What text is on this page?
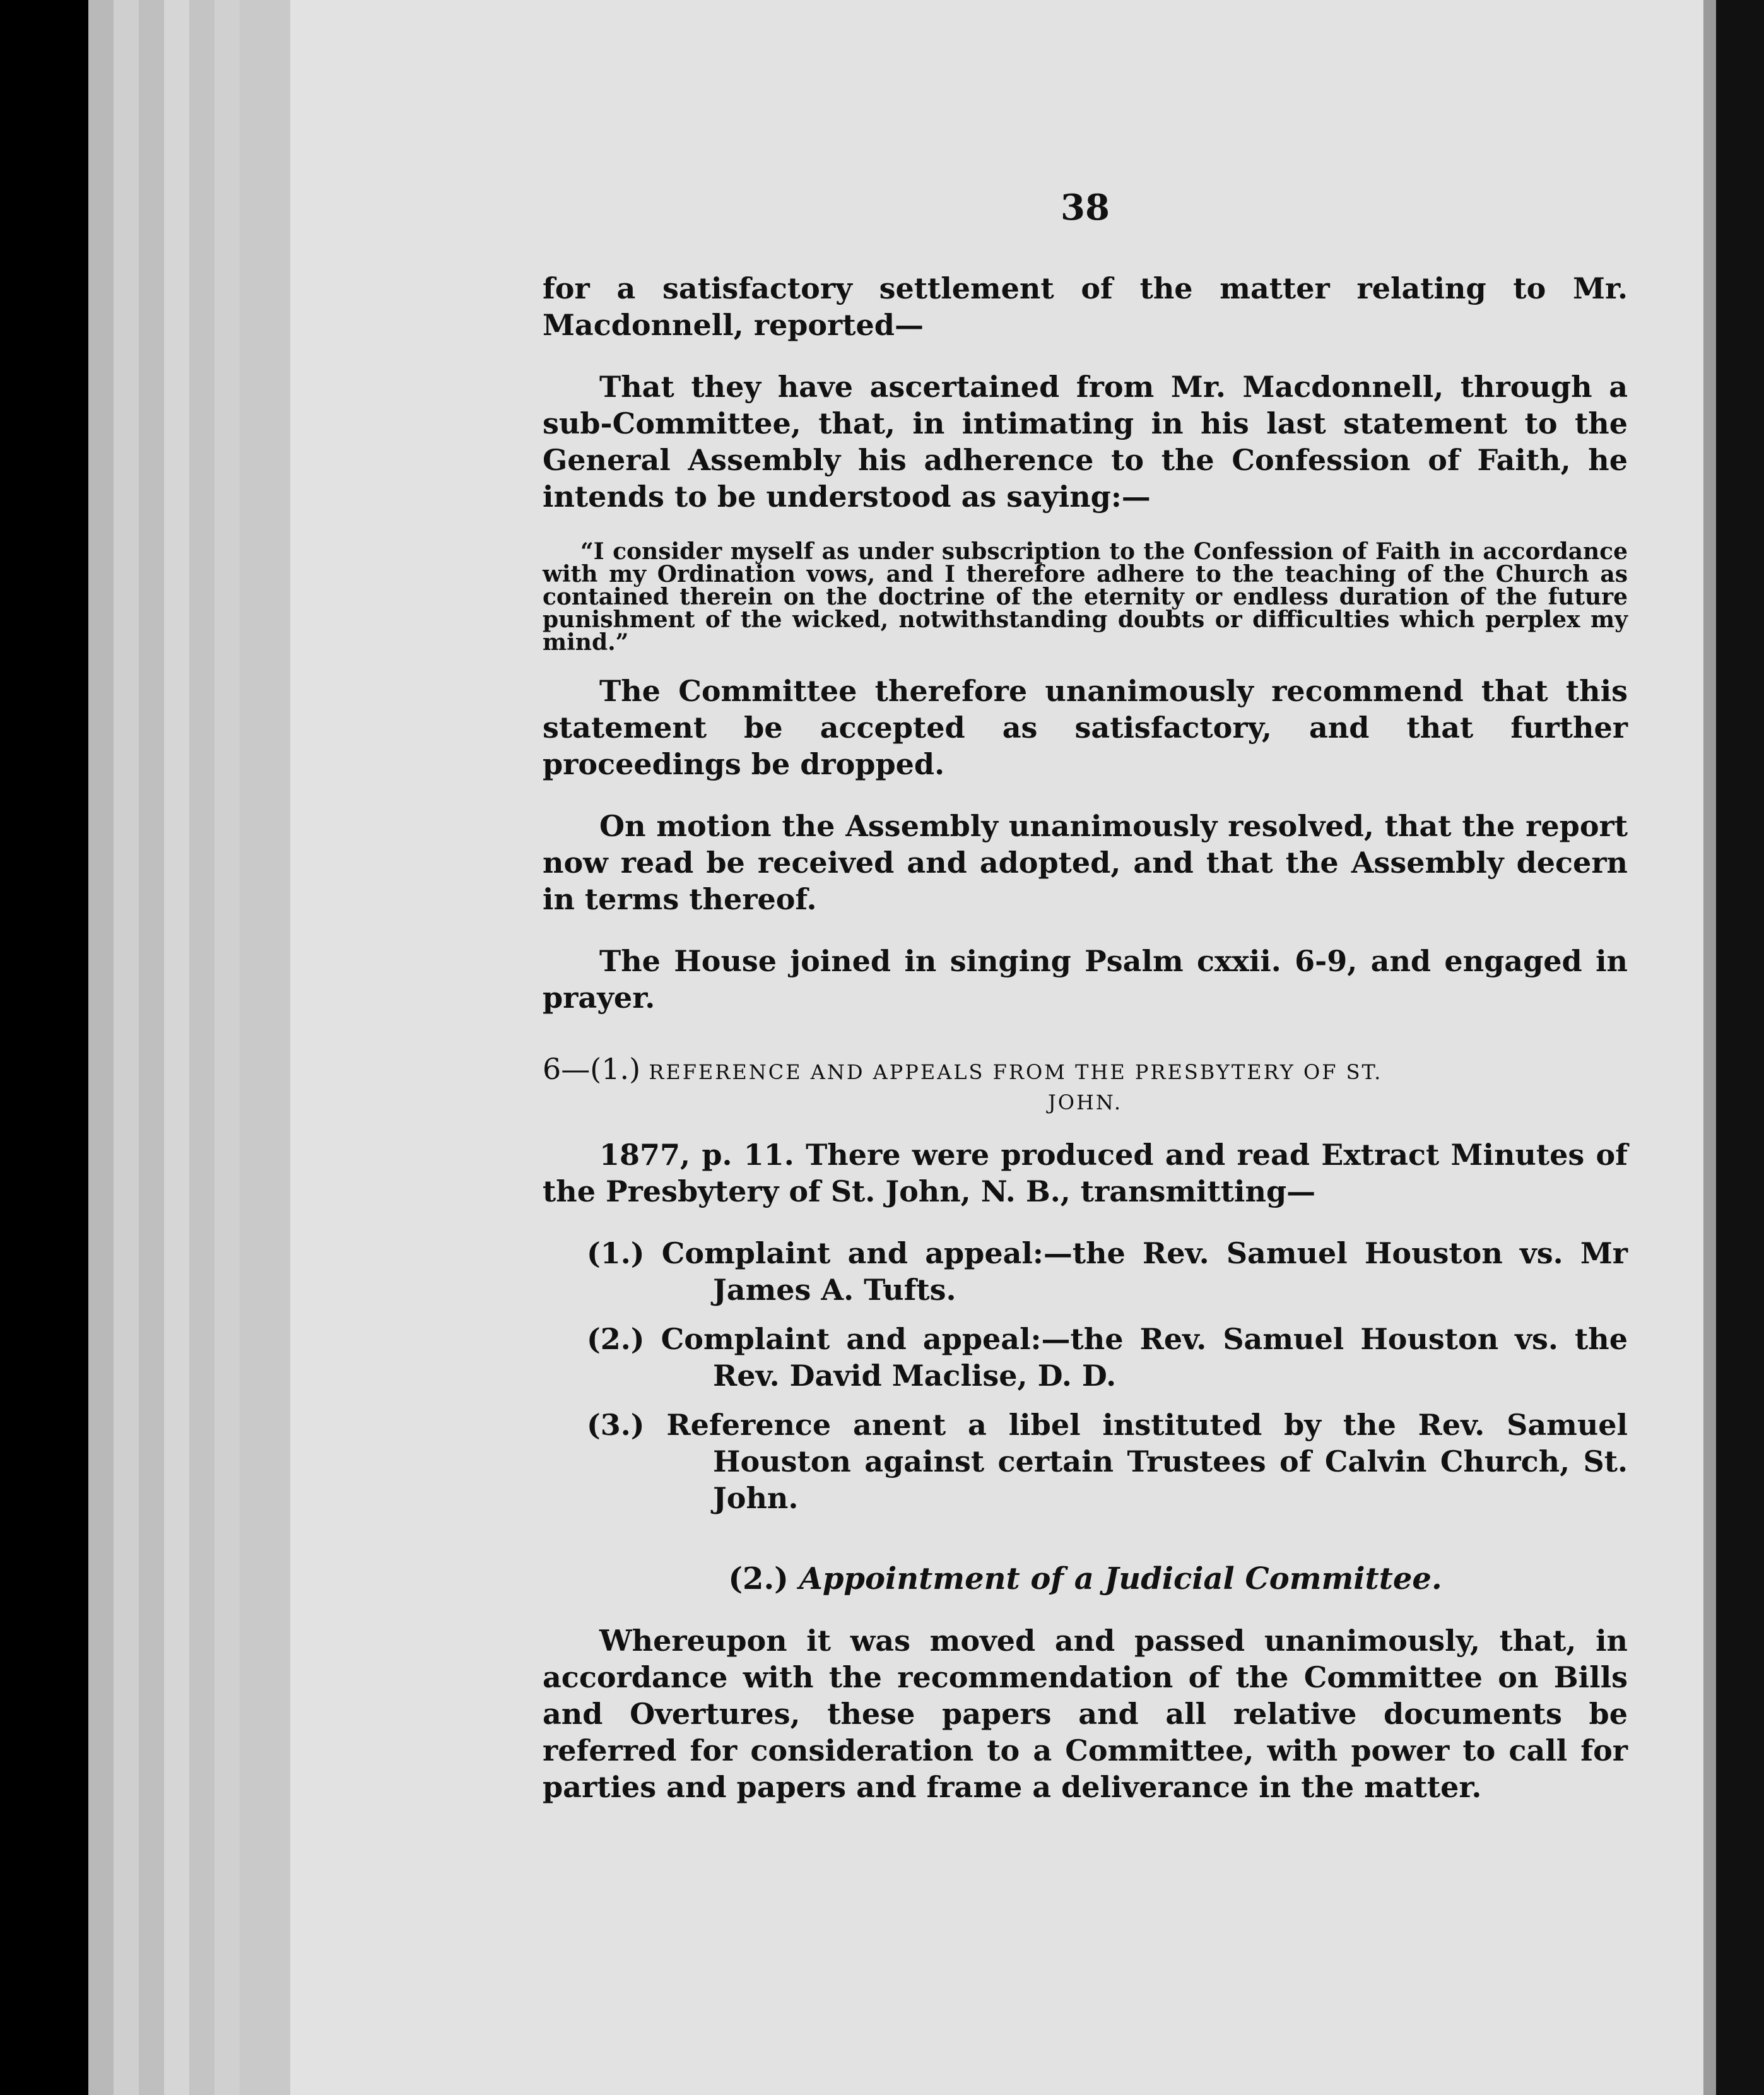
38

for a satisfactory settlement of the matter relating to Mr. Macdonnell, reported—

That they have ascertained from Mr. Macdonnell, through a sub-Committee, that, in intimating in his last statement to the General Assembly his adherence to the Confession of Faith, he intends to be understood as saying:—

“I consider myself as under subscription to the Confession of Faith in accordance with my Ordination vows, and I therefore adhere to the teaching of the Church as contained therein on the doctrine of the eternity or endless duration of the future punishment of the wicked, notwithstanding doubts or difficulties which perplex my mind.”

The Committee therefore unanimously recommend that this statement be accepted as satisfactory, and that further proceedings be dropped.

On motion the Assembly unanimously resolved, that the report now read be received and adopted, and that the Assembly decern in terms thereof.

The House joined in singing Psalm cxxii. 6-9, and engaged in prayer.

6—(1.) REFERENCE AND APPEALS FROM THE PRESBYTERY OF ST.
JOHN.

1877, p. 11. There were produced and read Extract Minutes of the Presbytery of St. John, N. B., transmitting—

(1.) Complaint and appeal:—the Rev. Samuel Houston vs. Mr James A. Tufts.
(2.) Complaint and appeal:—the Rev. Samuel Houston vs. the Rev. David Maclise, D. D.
(3.) Reference anent a libel instituted by the Rev. Samuel Houston against certain Trustees of Calvin Church, St. John.
(2.) Appointment of a Judicial Committee.

Whereupon it was moved and passed unanimously, that, in accordance with the recommendation of the Committee on Bills and Overtures, these papers and all relative documents be referred for consideration to a Committee, with power to call for parties and papers and frame a deliverance in the matter.
